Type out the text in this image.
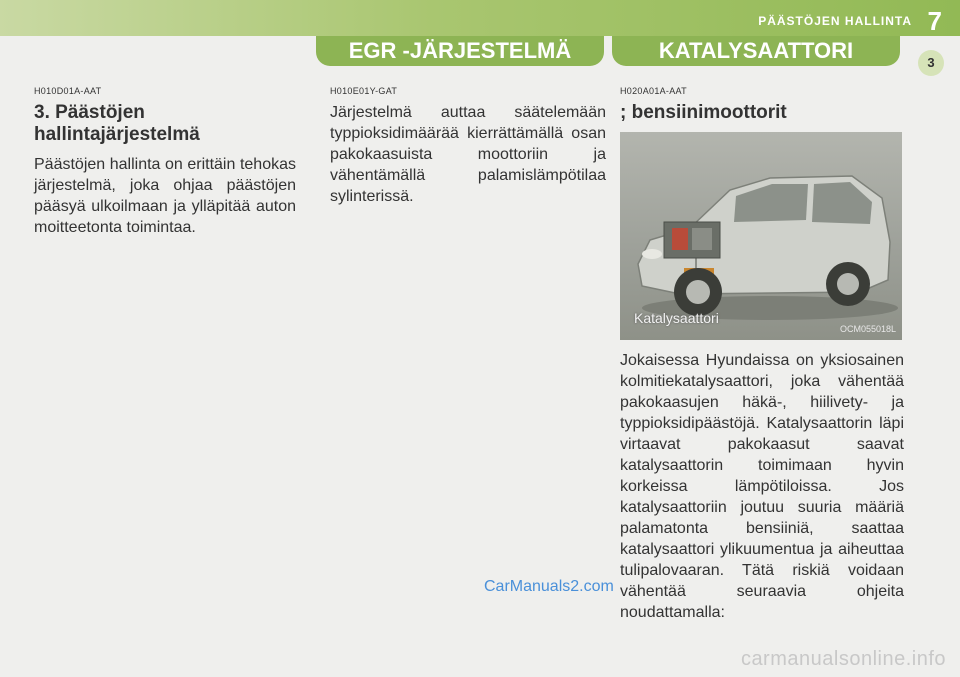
PÄÄSTÖJEN HALLINTA 7
EGR -JÄRJESTELMÄ	KATALYSAATTORI	3

H010D01A-AAT

3. Päästöjen hallintajärjestelmä

Päästöjen hallinta on erittäin tehokas järjestelmä, joka ohjaa päästöjen pääsyä ulkoilmaan ja ylläpitää auton moitteetonta toimintaa.

H010E01Y-GAT

Järjestelmä auttaa säätelemään typpioksidimäärää kierrättämällä osan pakokaasuista moottoriin ja vähentämällä palamislämpötilaa sylinterissä.

H020A01A-AAT

; bensiinimoottorit

Katalysaattori
OCM055018L

Jokaisessa Hyundaissa on yksiosainen kolmitiekatalysaattori, joka vähentää pakokaasujen häkä-, hiilivety- ja typpioksidipäästöjä. Katalysaattorin läpi virtaavat pakokaasut saavat katalysaattorin toimimaan hyvin korkeissa lämpötiloissa. Jos katalysaattoriin joutuu suuria määriä palamatonta bensiiniä, saattaa katalysaattori ylikuumentua ja aiheuttaa tulipalovaaran. Tätä riskiä voidaan vähentää seuraavia ohjeita noudattamalla:

CarManuals2.com
carmanualsonline.info
